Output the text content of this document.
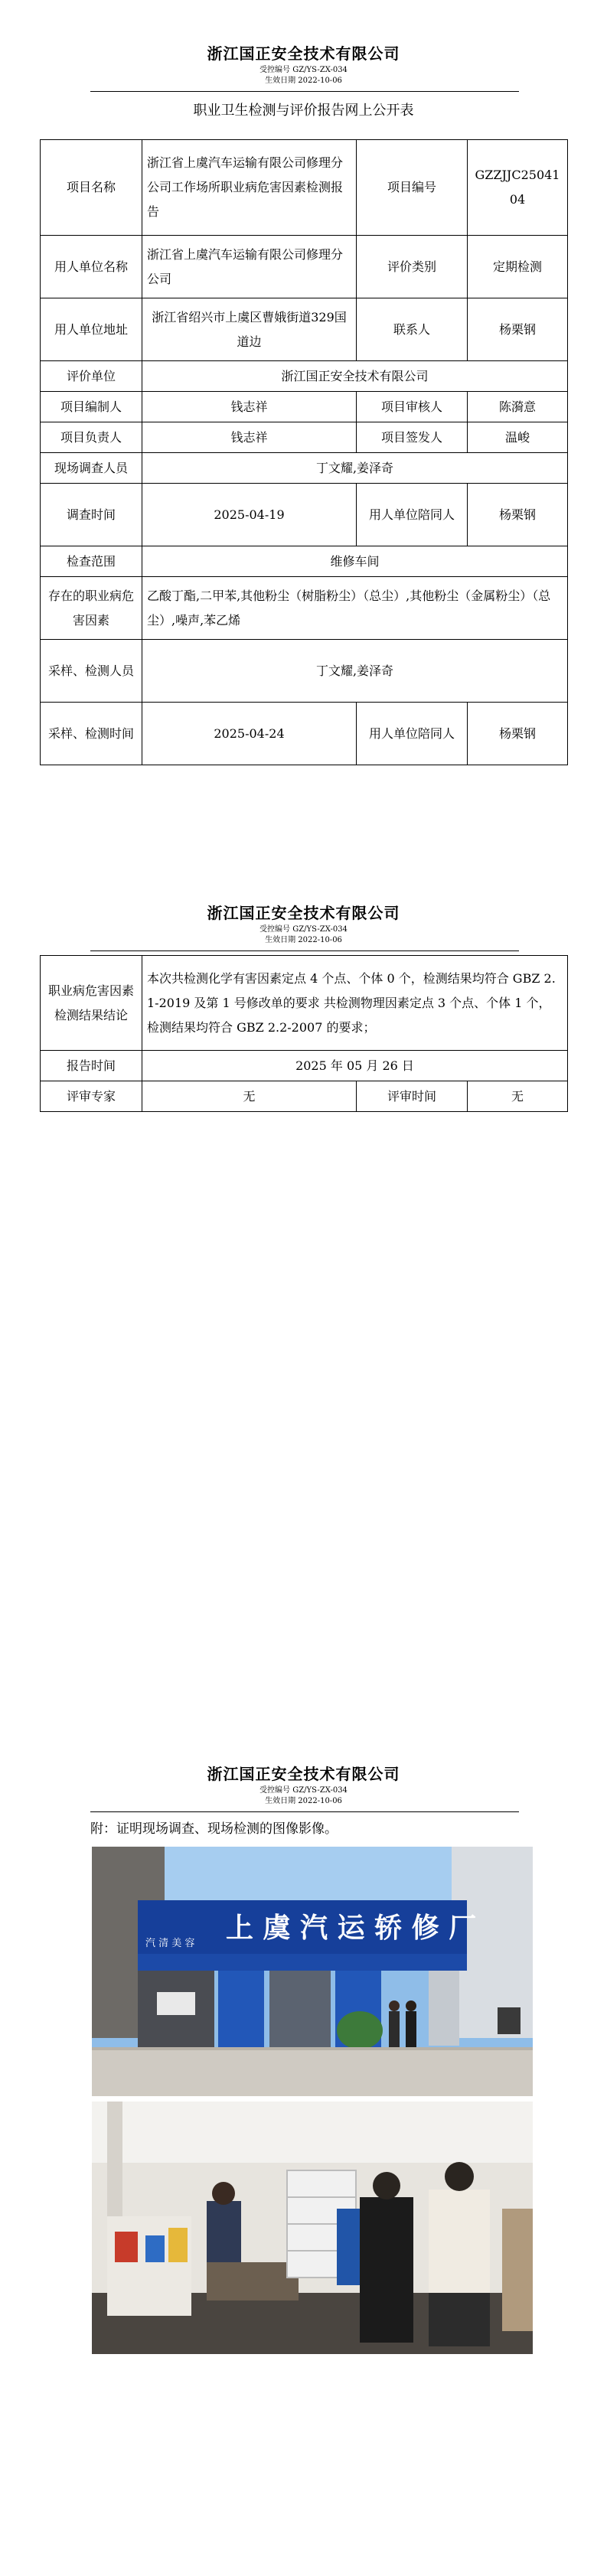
浙江国正安全技术有限公司
受控编号 GZ/YS-ZX-034
生效日期 2022-10-06
职业卫生检测与评价报告网上公开表
项目名称	浙江省上虞汽车运输有限公司修理分公司工作场所职业病危害因素检测报告	项目编号	GZZJJC2504104
用人单位名称	浙江省上虞汽车运输有限公司修理分公司	评价类别	定期检测
用人单位地址	浙江省绍兴市上虞区曹娥街道329国道边	联系人	杨栗钢
评价单位	浙江国正安全技术有限公司		
项目编制人	钱志祥	项目审核人	陈漪意
项目负责人	钱志祥	项目签发人	温峻
现场调查人员	丁文耀,姜泽奇		
调查时间	2025-04-19	用人单位陪同人	杨栗钢
检查范围	维修车间		
存在的职业病危害因素	乙酸丁酯,二甲苯,其他粉尘（树脂粉尘）（总尘）,其他粉尘（金属粉尘）（总尘）,噪声,苯乙烯		
采样、检测人员	丁文耀,姜泽奇		
采样、检测时间	2025-04-24	用人单位陪同人	杨栗钢
浙江国正安全技术有限公司
受控编号 GZ/YS-ZX-034
生效日期 2022-10-06
职业病危害因素检测结果结论	本次共检测化学有害因素定点 4 个点、个体 0 个，检测结果均符合 GBZ 2.1-2019 及第 1 号修改单的要求 共检测物理因素定点 3 个点、个体 1 个，检测结果均符合 GBZ 2.2-2007 的要求；		
报告时间	2025 年 05 月 26 日		
评审专家	无	评审时间	无
浙江国正安全技术有限公司
受控编号 GZ/YS-ZX-034
生效日期 2022-10-06
附：证明现场调查、现场检测的图像影像。
上 虞 汽 运 轿 修 厂
汽 清 美 容
